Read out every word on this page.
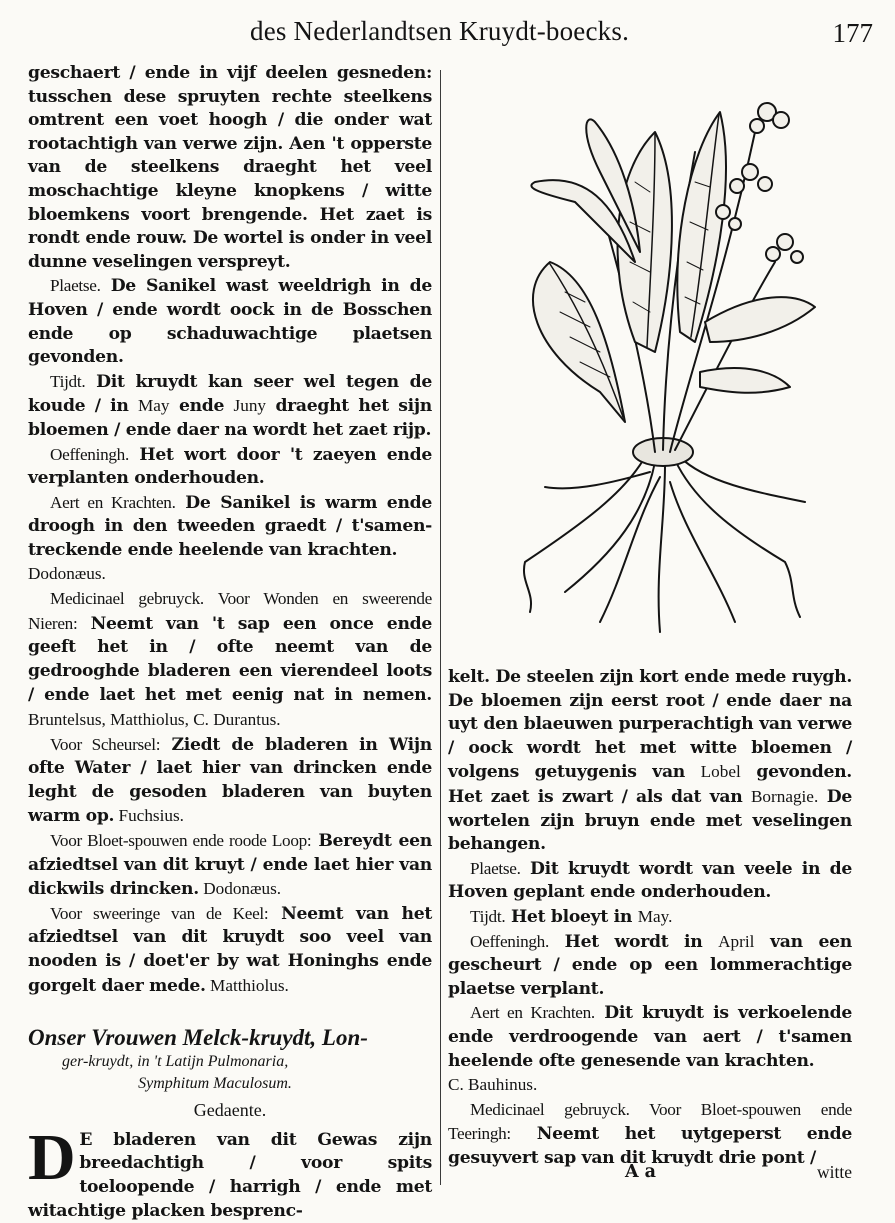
des Nederlandtsen Kruydt-boecks.	177

geschaert / ende in vijf deelen gesneden: tusschen dese spruyten rechte steelkens omtrent een voet hoogh / die onder wat rootachtigh van verwe zijn. Aen 't opperste van de steelkens draeght het veel moschachtige kleyne knopkens / witte bloemkens voort brengende. Het zaet is rondt ende rouw. De wortel is onder in veel dunne veselingen verspreyt.

Plaetse. De Sanikel wast weeldrigh in de Hoven / ende wordt oock in de Bosschen ende op schaduwachtige plaetsen gevonden.

Tijdt. Dit kruydt kan seer wel tegen de koude / in May ende Juny draeght het sijn bloemen / ende daer na wordt het zaet rijp.

Oeffeningh. Het wort door 't zaeyen ende verplanten onderhouden.

Aert en Krachten. De Sanikel is warm ende droogh in den tweeden graedt / t'samen-treckende ende heelende van krachten.
Dodonæus.

Medicinael gebruyck. Voor Wonden en sweerende Nieren: Neemt van 't sap een once ende geeft het in / ofte neemt van de gedrooghde bladeren een vierendeel loots / ende laet het met eenig nat in nemen. Bruntelsus, Matthiolus, C. Durantus.

Voor Scheursel: Ziedt de bladeren in Wijn ofte Water / laet hier van drincken ende leght de gesoden bladeren van buyten warm op. Fuchsius.

Voor Bloet-spouwen ende roode Loop: Bereydt een afziedtsel van dit kruyt / ende laet hier van dickwils drincken. Dodonæus.

Voor sweeringe van de Keel: Neemt van het afziedtsel van dit kruydt soo veel van nooden is / doet'er by wat Honinghs ende gorgelt daer mede. Matthiolus.

Onser Vrouwen Melck-kruydt, Lon-
ger-kruydt, in 't Latijn Pulmonaria,
Symphitum Maculosum.
Gedaente.

D E bladeren van dit Gewas zijn breedachtigh / voor spits toeloopende / harrigh / ende met witachtige placken besprenc-

kelt. De steelen zijn kort ende mede ruygh. De bloemen zijn eerst root / ende daer na uyt den blaeuwen purperachtigh van verwe / oock wordt het met witte bloemen / volgens getuygenis van Lobel gevonden. Het zaet is zwart / als dat van Bornagie. De wortelen zijn bruyn ende met veselingen behangen.

Plaetse. Dit kruydt wordt van veele in de Hoven geplant ende onderhouden.

Tijdt. Het bloeyt in May.

Oeffeningh. Het wordt in April van een gescheurt / ende op een lommerachtige plaetse verplant.

Aert en Krachten. Dit kruydt is verkoelende ende verdroogende van aert / t'samen heelende ofte genesende van krachten.
C. Bauhinus.

Medicinael gebruyck. Voor Bloet-spouwen ende Teeringh: Neemt het uytgeperst ende gesuyvert sap van dit kruydt drie pont /

A a	witte
